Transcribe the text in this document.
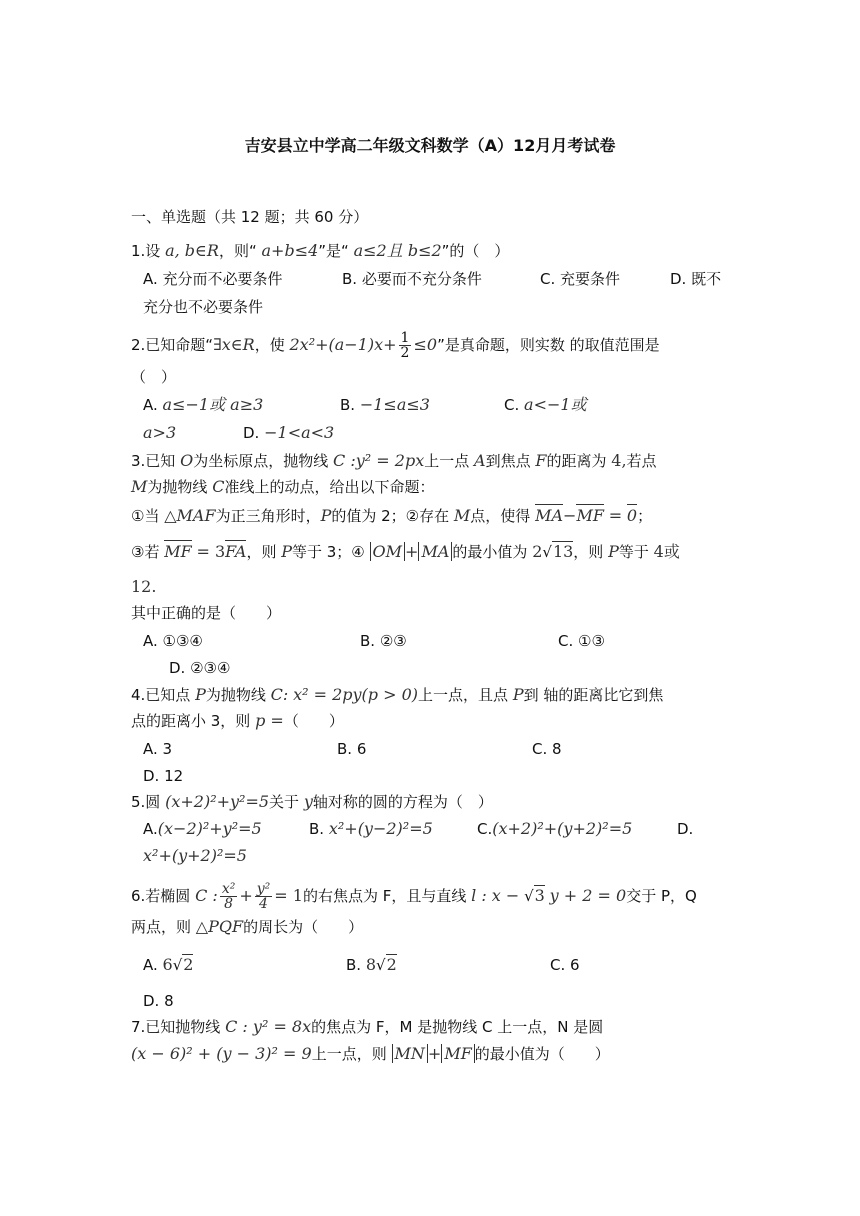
吉安县立中学高二年级文科数学（A）12月月考试卷
一、单选题（共 12 题；共 60 分）
1.设 a, b∈R，则“ a+b≤4”是“ a≤2且 b≤2”的（　）
A. 充分而不必要条件	B. 必要而不充分条件	C. 充要条件	D. 既不
充分也不必要条件
2.已知命题“∃x∈R，使 $2x^2+(a-1)x+ \frac{1}{2} \le 0$”是真命题，则实数 的取值范围是
（　）
A. a≤−1或 a≥3	B. −1≤a≤3	C. a<−1或
a>3	D. −1<a<3
3.已知 O为坐标原点，抛物线 C :y² = 2px上一点 A到焦点 F的距离为 4,若点
M为抛物线 C准线上的动点，给出以下命题：
①当 △MAF为正三角形时，P的值为 2；②存在 M点，使得 MA−MF = 0；
③若 MF = 3FA，则 P等于 3；④ OM + MA 的最小值为 2√13，则 P等于 4或
12.
其中正确的是（　　）
A. ①③④	B. ②③	C. ①③
D. ②③④
4.已知点 P为抛物线 C: x² = 2py(p > 0)上一点，且点 P到 轴的距离比它到焦
点的距离小 3，则 p =（　　）
A. 3	B. 6	C. 8
D. 12
5.圆 (x+2)²+y²=5关于 y轴对称的圆的方程为（　）
A.(x−2)²+y²=5	B. x²+(y−2)²=5	C.(x+2)²+(y+2)²=5	D.
x²+(y+2)²=5
6.若椭圆 C : $\frac{\text{x²}}{8} + \frac{\text{y²}}{4} = 1$的右焦点为 F，且与直线 l : x − √3 y + 2 = 0交于 P，Q
两点，则 △PQF的周长为（　　）
A. 6√2	B. 8√2	C. 6
D. 8
7.已知抛物线 C : y² = 8x的焦点为 F，M 是抛物线 C 上一点，N 是圆
(x − 6)² + (y − 3)² = 9上一点，则 MN + MF 的最小值为（　　）
